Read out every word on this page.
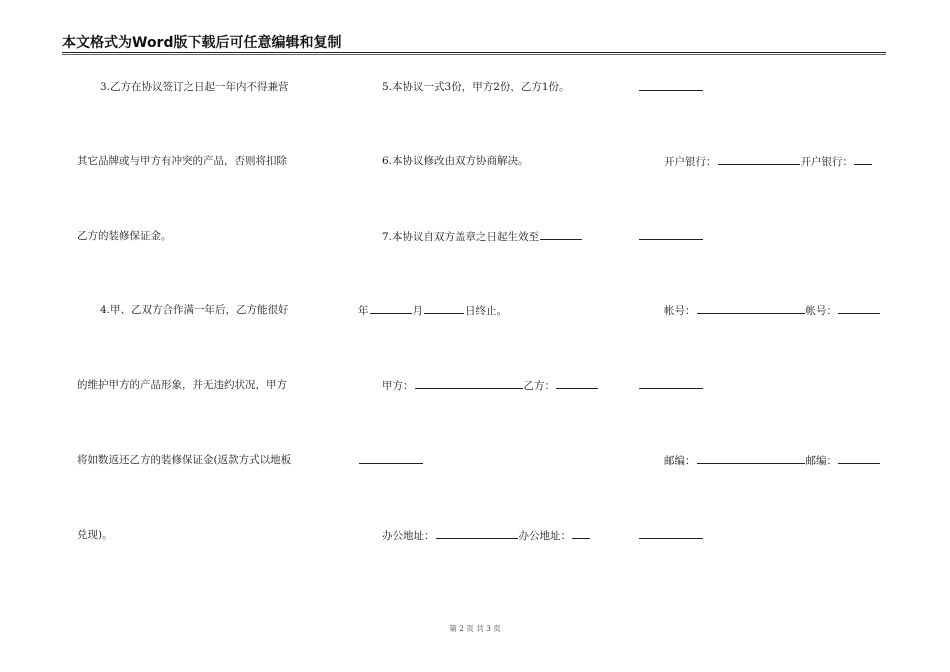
本文格式为Word版下载后可任意编辑和复制
3.乙方在协议签订之日起一年内不得兼营
其它品牌或与甲方有冲突的产品，否则将扣除
乙方的装修保证金。
4.甲、乙双方合作满一年后，乙方能很好
的维护甲方的产品形象，并无违约状况，甲方
将如数返还乙方的装修保证金(返款方式以地板
兑现)。
5.本协议一式3份，甲方2份，乙方1份。
6.本协议修改由双方协商解决。
7.本协议自双方盖章之日起生效至
年	月	日终止。
甲方：	乙方：
办公地址：	办公地址：
开户银行：	开户银行：
帐号：	帐号：
邮编：	邮编：
第 2 页 共 3 页
